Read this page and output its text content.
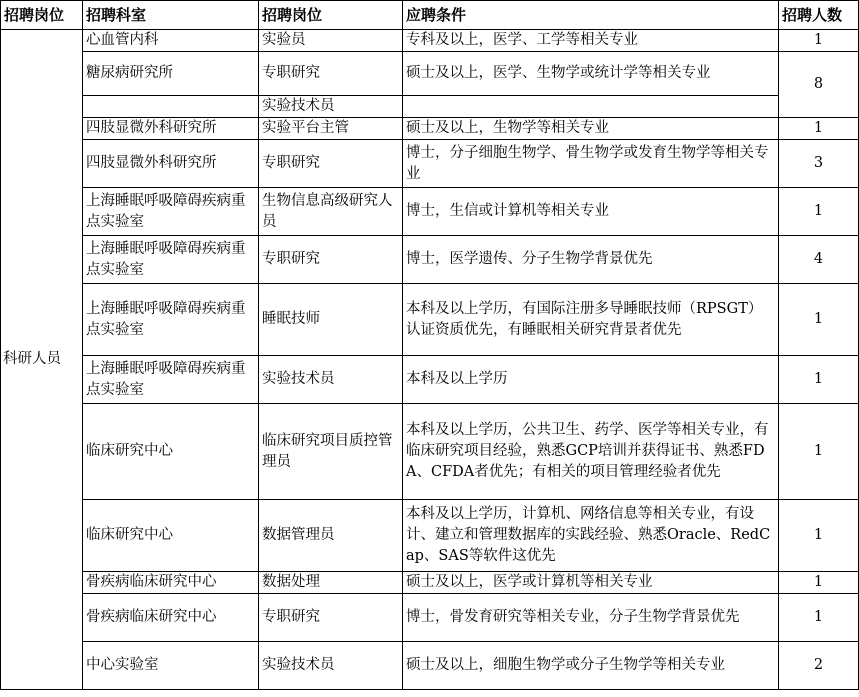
招聘岗位	招聘科室	招聘岗位	应聘条件	招聘人数
科研人员	心血管内科	实验员	专科及以上，医学、工学等相关专业	1
	糖尿病研究所	专职研究	硕士及以上，医学、生物学或统计学等相关专业	8
		实验技术员		
	四肢显微外科研究所	实验平台主管	硕士及以上，生物学等相关专业	1
	四肢显微外科研究所	专职研究	博士，分子细胞生物学、骨生物学或发育生物学等相关专业	3
	上海睡眠呼吸障碍疾病重点实验室	生物信息高级研究人员	博士，生信或计算机等相关专业	1
	上海睡眠呼吸障碍疾病重点实验室	专职研究	博士，医学遗传、分子生物学背景优先	4
	上海睡眠呼吸障碍疾病重点实验室	睡眠技师	本科及以上学历，有国际注册多导睡眠技师（RPSGT）认证资质优先，有睡眠相关研究背景者优先	1
	上海睡眠呼吸障碍疾病重点实验室	实验技术员	本科及以上学历	1
	临床研究中心	临床研究项目质控管理员	本科及以上学历，公共卫生、药学、医学等相关专业，有临床研究项目经验，熟悉GCP培训并获得证书、熟悉FDA、CFDA者优先；有相关的项目管理经验者优先	1
	临床研究中心	数据管理员	本科及以上学历，计算机、网络信息等相关专业，有设计、建立和管理数据库的实践经验、熟悉Oracle、RedCap、SAS等软件这优先	1
	骨疾病临床研究中心	数据处理	硕士及以上，医学或计算机等相关专业	1
	骨疾病临床研究中心	专职研究	博士，骨发育研究等相关专业，分子生物学背景优先	1
	中心实验室	实验技术员	硕士及以上，细胞生物学或分子生物学等相关专业	2
